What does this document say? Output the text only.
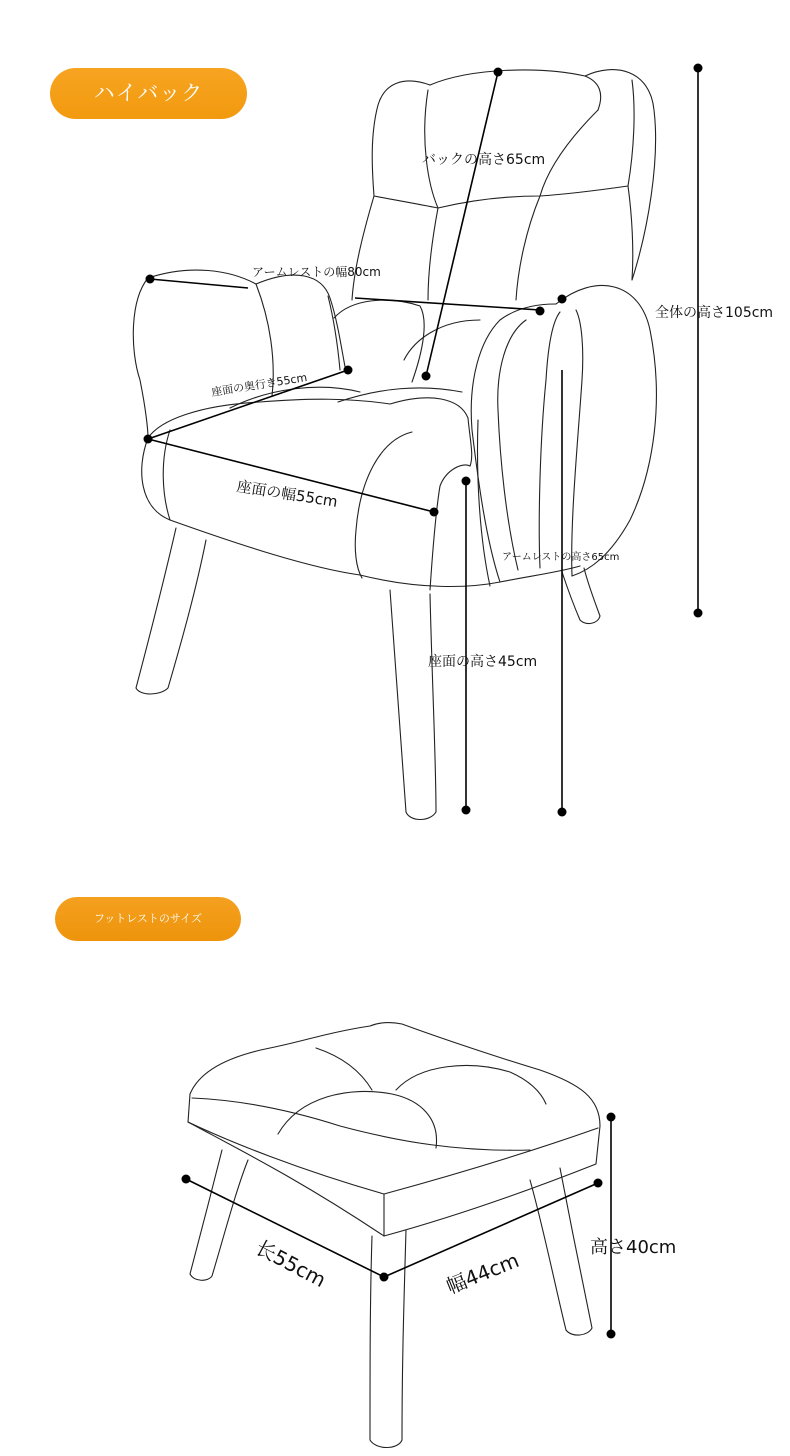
ハイバック
フットレストのサイズ
バックの高さ65cm
アームレストの幅80cm
全体の高さ105cm
座面の奥行き55cm
座面の幅55cm
アームレストの高さ65cm
座面の高さ45cm
长55cm	幅44cm
高さ40cm
